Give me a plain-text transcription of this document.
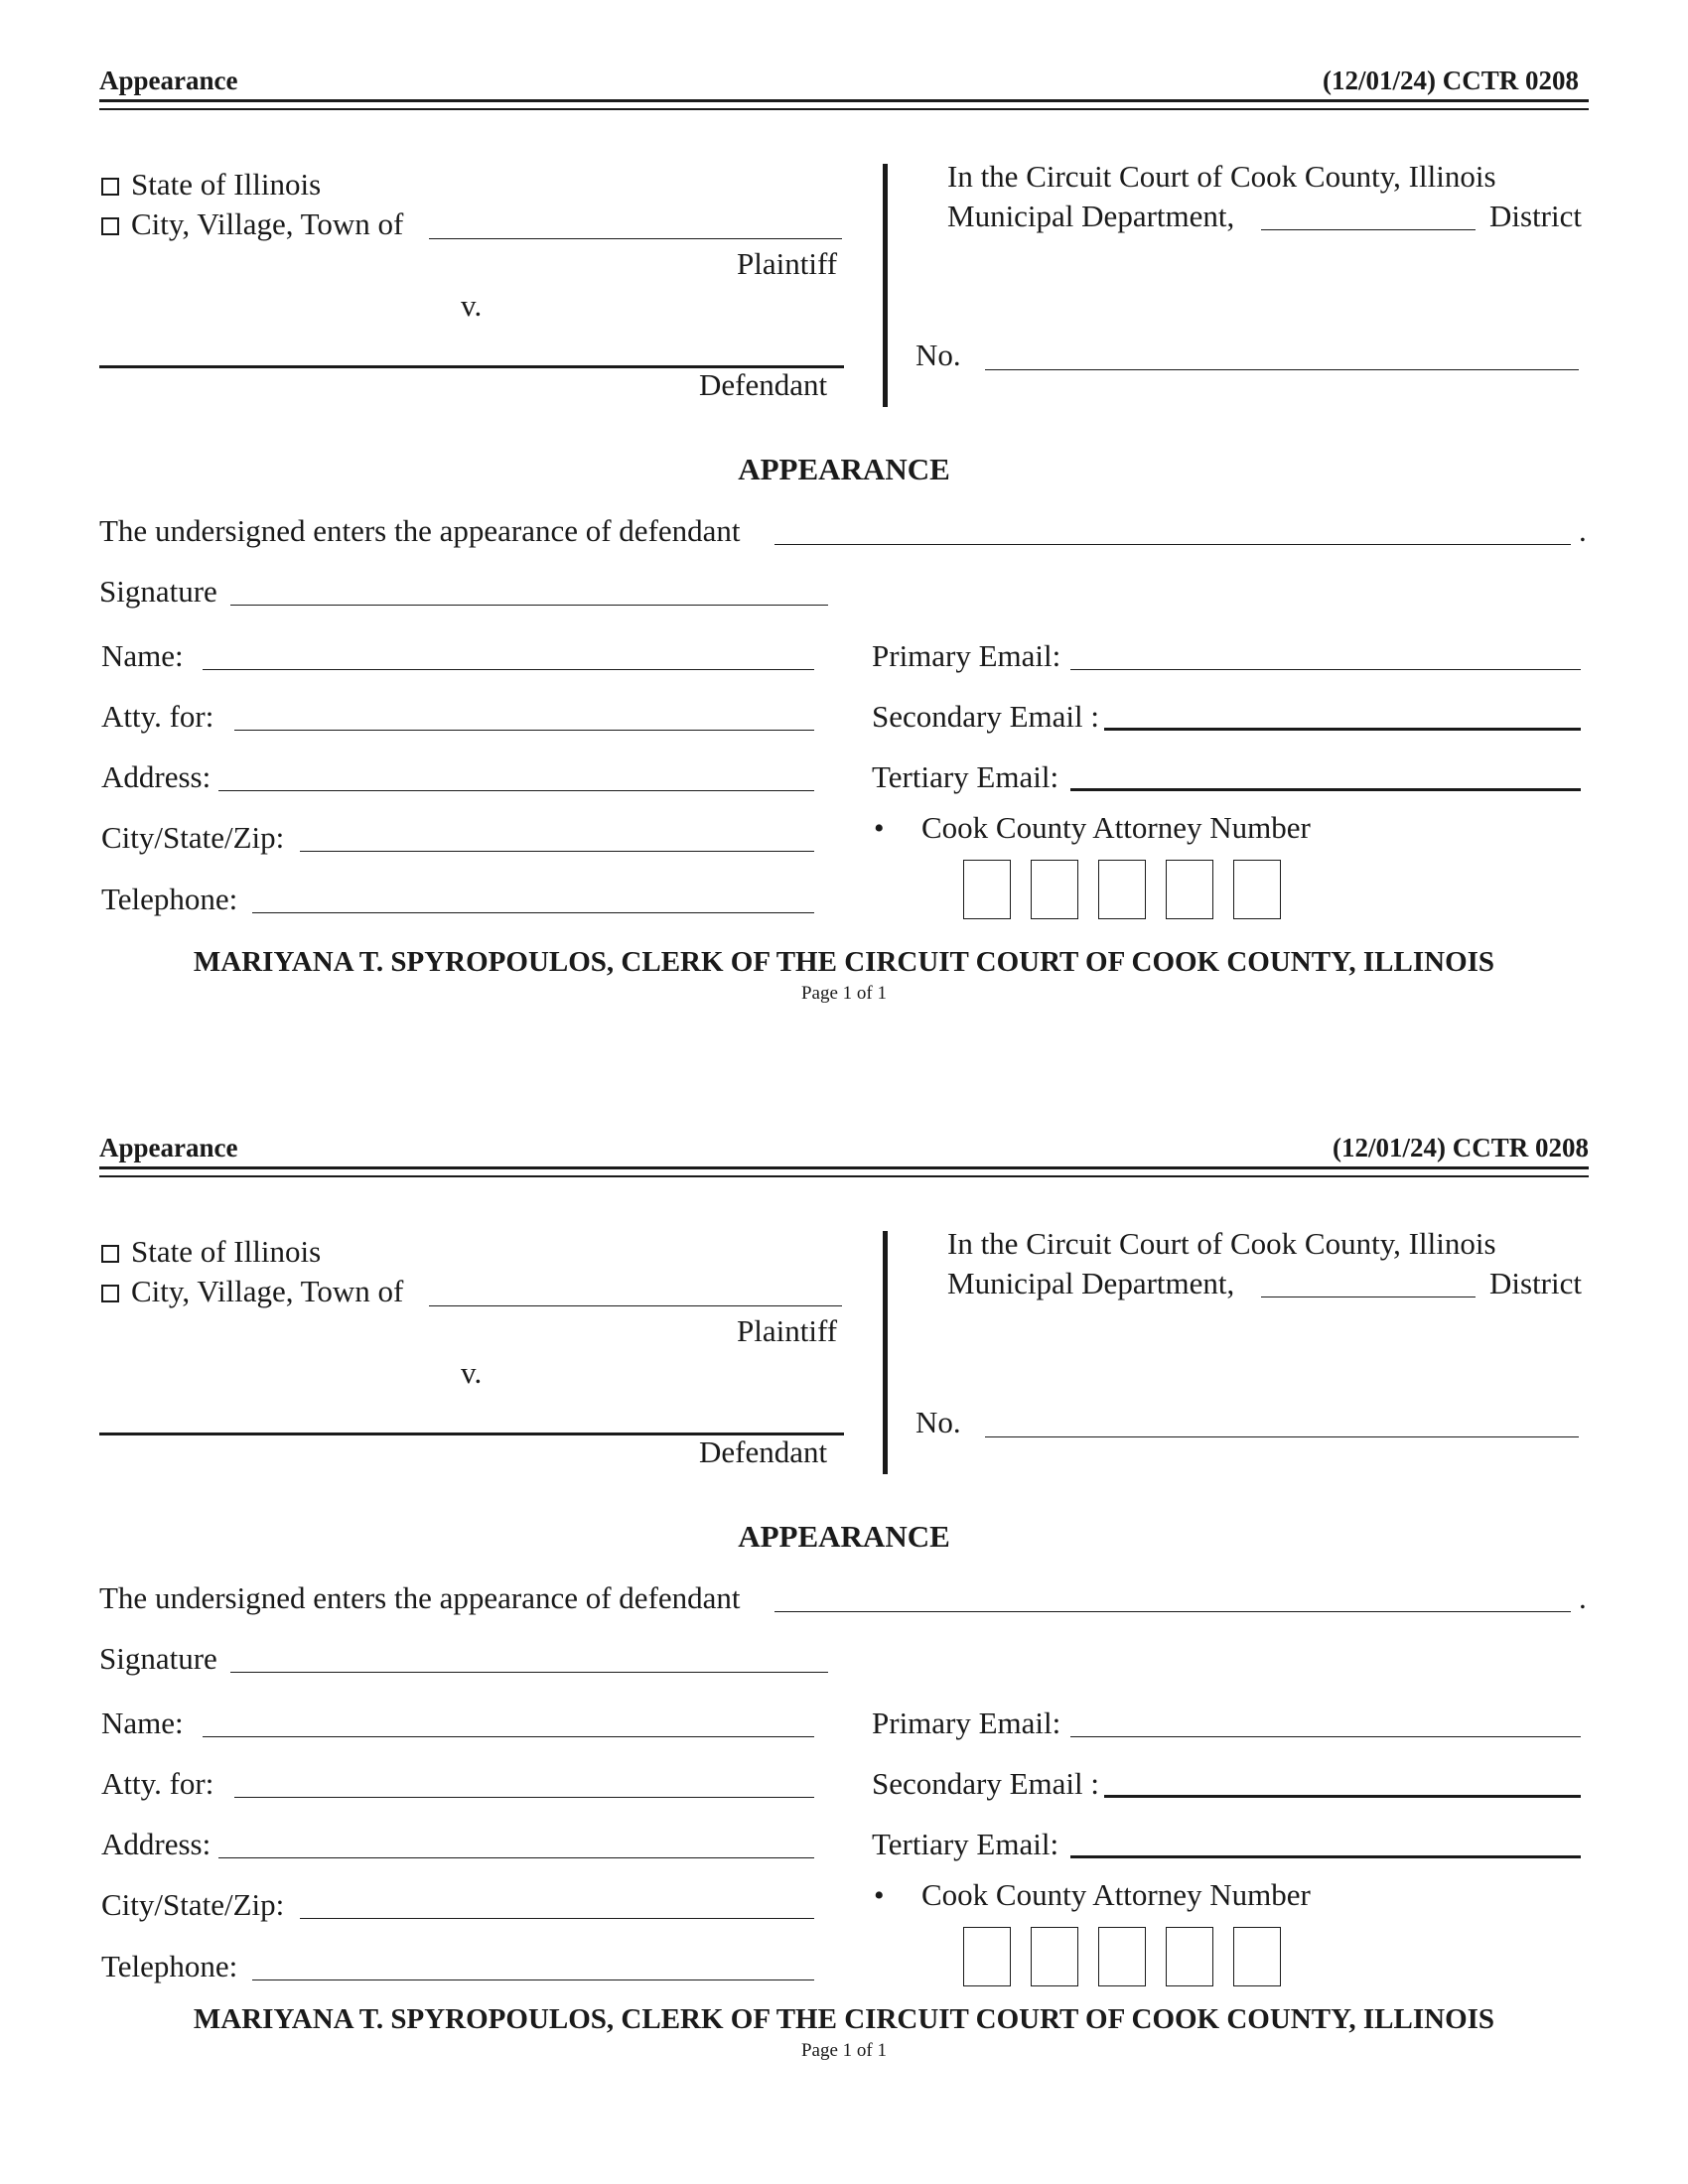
Appearance	(12/01/24) CCTR 0208
State of Illinois
City, Village, Town of
Plaintiff
v.
Defendant
In the Circuit Court of Cook County, Illinois
Municipal Department,	District
No.
APPEARANCE
The undersigned enters the appearance of defendant	.
Signature
Name:
Atty. for:
Address:
City/State/Zip:
Telephone:
Primary Email:
Secondary Email :
Tertiary Email:
• Cook County Attorney Number
MARIYANA T. SPYROPOULOS, CLERK OF THE CIRCUIT COURT OF COOK COUNTY, ILLINOIS
Page 1 of 1
Appearance	(12/01/24) CCTR 0208
State of Illinois
City, Village, Town of
Plaintiff
v.
Defendant
In the Circuit Court of Cook County, Illinois
Municipal Department,	District
No.
APPEARANCE
The undersigned enters the appearance of defendant	.
Signature
Name:
Atty. for:
Address:
City/State/Zip:
Telephone:
Primary Email:
Secondary Email :
Tertiary Email:
• Cook County Attorney Number
MARIYANA T. SPYROPOULOS, CLERK OF THE CIRCUIT COURT OF COOK COUNTY, ILLINOIS
Page 1 of 1
